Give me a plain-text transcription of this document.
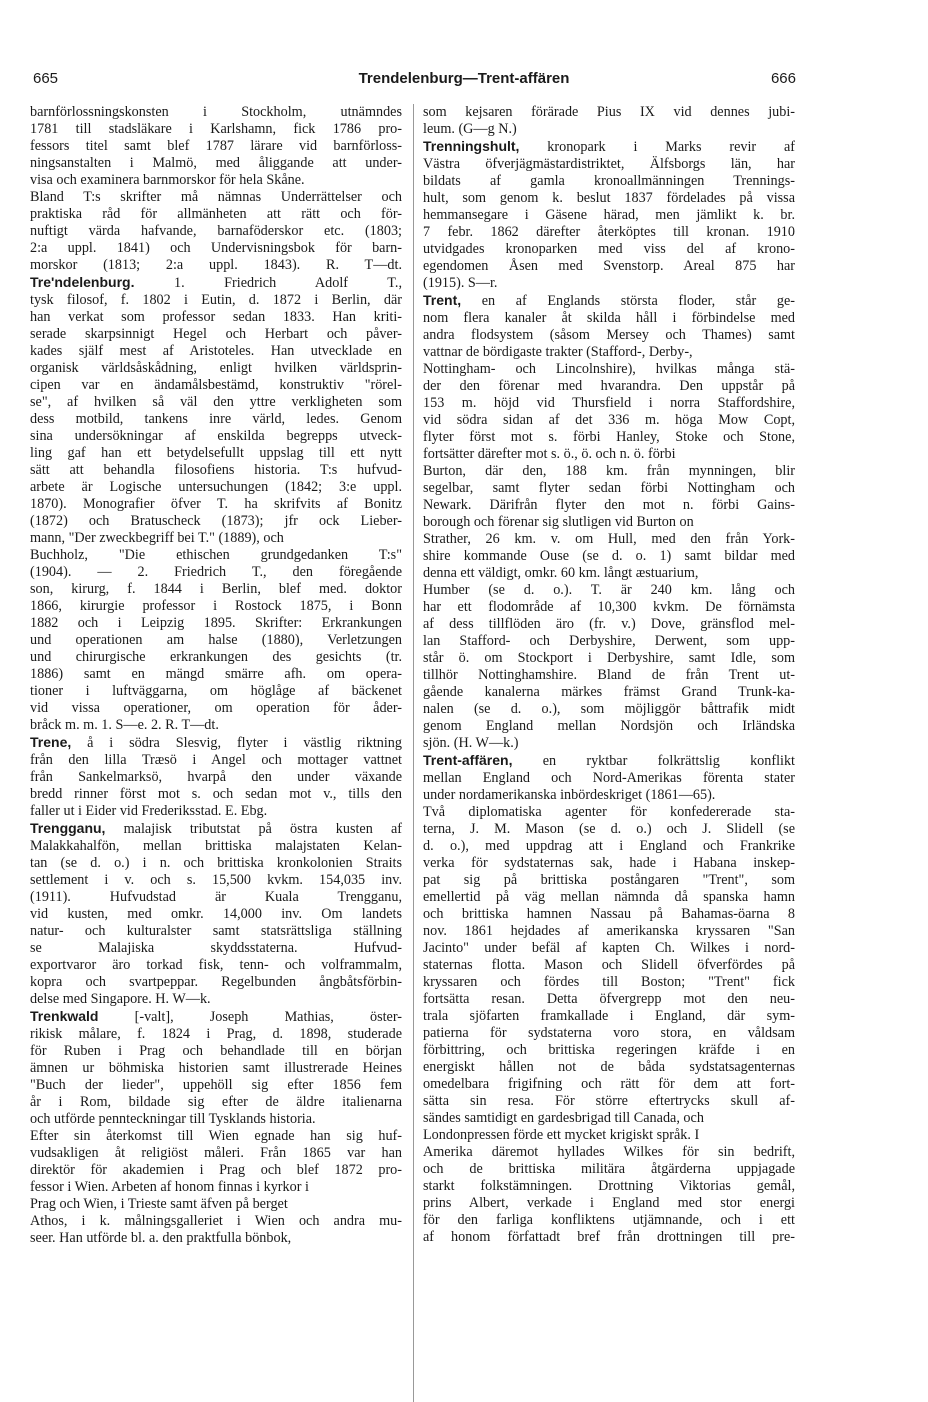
665	Trendelenburg—Trent-affären	666
barnförlossningskonsten i Stockholm, utnämndes
1781 till stadsläkare i Karlshamn, fick 1786 pro-
fessors titel samt blef 1787 lärare vid barnförloss-
ningsanstalten i Malmö, med åliggande att under-
visa och examinera barnmorskor för hela Skåne.
Bland T:s skrifter må nämnas Underrättelser och
praktiska råd för allmänheten att rätt och för-
nuftigt värda hafvande, barnaföderskor etc. (1803;
2:a uppl. 1841) och Undervisningsbok för barn-
morskor (1813; 2:a uppl. 1843). R. T—dt.
Tre'ndelenburg. 1. Friedrich Adolf T.,
tysk filosof, f. 1802 i Eutin, d. 1872 i Berlin, där
han verkat som professor sedan 1833. Han kriti-
serade skarpsinnigt Hegel och Herbart och påver-
kades själf mest af Aristoteles. Han utvecklade en
organisk världsåskådning, enligt hvilken världsprin-
cipen var en ändamålsbestämd, konstruktiv "rörel-
se", af hvilken så väl den yttre verkligheten som
dess motbild, tankens inre värld, ledes. Genom
sina undersökningar af enskilda begrepps utveck-
ling gaf han ett betydelsefullt uppslag till ett nytt
sätt att behandla filosofiens historia. T:s hufvud-
arbete är Logische untersuchungen (1842; 3:e uppl.
1870). Monografier öfver T. ha skrifvits af Bonitz
(1872) och Bratuscheck (1873); jfr ock Lieber-
mann, "Der zweckbegriff bei T." (1889), och
Buchholz, "Die ethischen grundgedanken T:s"
(1904). — 2. Friedrich T., den föregående
son, kirurg, f. 1844 i Berlin, blef med. doktor
1866, kirurgie professor i Rostock 1875, i Bonn
1882 och i Leipzig 1895. Skrifter: Erkrankungen
und operationen am halse (1880), Verletzungen
und chirurgische erkrankungen des gesichts (tr.
1886) samt en mängd smärre afh. om opera-
tioner i luftväggarna, om höglåge af bäckenet
vid vissa operationer, om operation för åder-
bråck m. m. 1. S—e. 2. R. T—dt.
Trene, å i södra Slesvig, flyter i västlig riktning
från den lilla Træsö i Angel och mottager vattnet
från Sankelmarksö, hvarpå den under växande
bredd rinner först mot s. och sedan mot v., tills den
faller ut i Eider vid Frederiksstad. E. Ebg.
Trengganu, malajisk tributstat på östra kusten af
Malakkahalfön, mellan brittiska malajstaten Kelan-
tan (se d. o.) i n. och brittiska kronkolonien Straits
settlement i v. och s. 15,500 kvkm. 154,035 inv.
(1911). Hufvudstad är Kuala Trengganu,
vid kusten, med omkr. 14,000 inv. Om landets
natur- och kulturalster samt statsrättsliga ställning
se Malajiska skyddsstaterna. Hufvud-
exportvaror äro torkad fisk, tenn- och volframmalm,
kopra och svartpeppar. Regelbunden ångbåtsförbin-
delse med Singapore. H. W—k.
Trenkwald [-valt], Joseph Mathias, öster-
rikisk målare, f. 1824 i Prag, d. 1898, studerade
för Ruben i Prag och behandlade till en början
ämnen ur böhmiska historien samt illustrerade Heines
"Buch der lieder", uppehöll sig efter 1856 fem
år i Rom, bildade sig efter de äldre italienarna
och utförde pennteckningar till Tysklands historia.
Efter sin återkomst till Wien egnade han sig huf-
vudsakligen åt religiöst måleri. Från 1865 var han
direktör för akademien i Prag och blef 1872 pro-
fessor i Wien. Arbeten af honom finnas i kyrkor i
Prag och Wien, i Trieste samt äfven på berget
Athos, i k. målningsgalleriet i Wien och andra mu-
seer. Han utförde bl. a. den praktfulla bönbok,
som kejsaren förärade Pius IX vid dennes jubi-
leum. (G—g N.)
Trenningshult, kronopark i Marks revir af
Västra öfverjägmästardistriktet, Älfsborgs län, har
bildats af gamla kronoallmänningen Trennings-
hult, som genom k. beslut 1837 fördelades på vissa
hemmansegare i Gäsene härad, men jämlikt k. br.
7 febr. 1862 därefter återköptes till kronan. 1910
utvidgades kronoparken med viss del af krono-
egendomen Åsen med Svenstorp. Areal 875 har
(1915). S—r.
Trent, en af Englands största floder, står ge-
nom flera kanaler åt skilda håll i förbindelse med
andra flodsystem (såsom Mersey och Thames) samt
vattnar de bördigaste trakter (Stafford-, Derby-,
Nottingham- och Lincolnshire), hvilkas många stä-
der den förenar med hvarandra. Den uppstår på
153 m. höjd vid Thursfield i norra Staffordshire,
vid södra sidan af det 336 m. höga Mow Copt,
flyter först mot s. förbi Hanley, Stoke och Stone,
fortsätter därefter mot s. ö., ö. och n. ö. förbi
Burton, där den, 188 km. från mynningen, blir
segelbar, samt flyter sedan förbi Nottingham och
Newark. Därifrån flyter den mot n. förbi Gains-
borough och förenar sig slutligen vid Burton on
Strather, 26 km. v. om Hull, med den från York-
shire kommande Ouse (se d. o. 1) samt bildar med
denna ett väldigt, omkr. 60 km. långt æstuarium,
Humber (se d. o.). T. är 240 km. lång och
har ett flodområde af 10,300 kvkm. De förnämsta
af dess tillflöden äro (fr. v.) Dove, gränsflod mel-
lan Stafford- och Derbyshire, Derwent, som upp-
står ö. om Stockport i Derbyshire, samt Idle, som
tillhör Nottinghamshire. Bland de från Trent ut-
gående kanalerna märkes främst Grand Trunk-ka-
nalen (se d. o.), som möjliggör båttrafik midt
genom England mellan Nordsjön och Irländska
sjön. (H. W—k.)
Trent-affären, en ryktbar folkrättslig konflikt
mellan England och Nord-Amerikas förenta stater
under nordamerikanska inbördeskriget (1861—65).
Två diplomatiska agenter för konfedererade sta-
terna, J. M. Mason (se d. o.) och J. Slidell (se
d. o.), med uppdrag att i England och Frankrike
verka för sydstaternas sak, hade i Habana inskep-
pat sig på brittiska postångaren "Trent", som
emellertid på väg mellan nämnda då spanska hamn
och brittiska hamnen Nassau på Bahamas-öarna 8
nov. 1861 hejdades af amerikanska kryssaren "San
Jacinto" under befäl af kapten Ch. Wilkes i nord-
staternas flotta. Mason och Slidell öfverfördes på
kryssaren och fördes till Boston; "Trent" fick
fortsätta resan. Detta öfvergrepp mot den neu-
trala sjöfarten framkallade i England, där sym-
patierna för sydstaterna voro stora, en våldsam
förbittring, och brittiska regeringen kräfde i en
energiskt hållen not de båda sydstatsagenternas
omedelbara frigifning och rätt för dem att fort-
sätta sin resa. För större eftertrycks skull af-
sändes samtidigt en gardesbrigad till Canada, och
Londonpressen förde ett mycket krigiskt språk. I
Amerika däremot hyllades Wilkes för sin bedrift,
och de brittiska militära åtgärderna uppjagade
starkt folkstämningen. Drottning Viktorias gemål,
prins Albert, verkade i England med stor energi
för den farliga konfliktens utjämnande, och i ett
af honom författadt bref från drottningen till pre-
